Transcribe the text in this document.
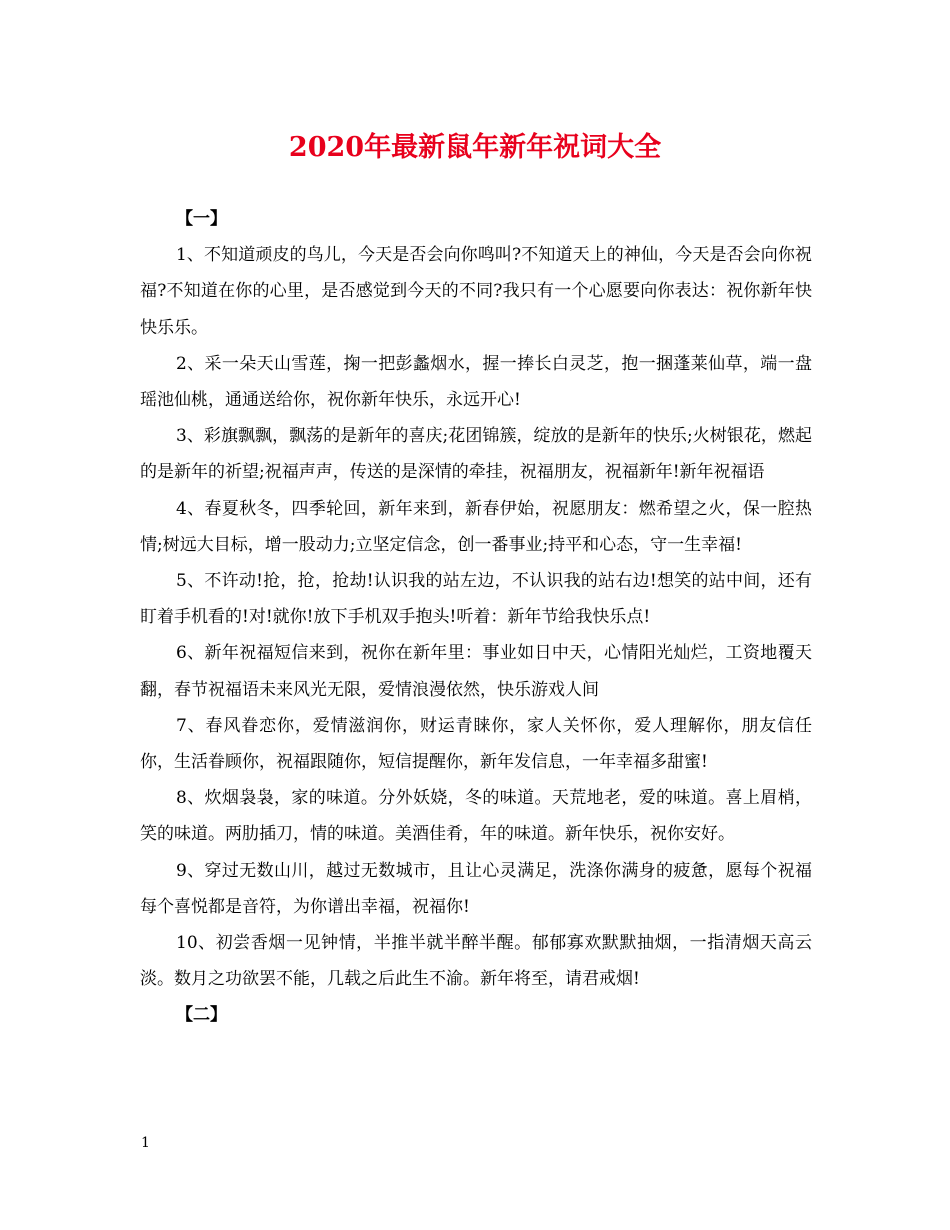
2020年最新鼠年新年祝词大全

【一】

1、不知道顽皮的鸟儿，今天是否会向你鸣叫?不知道天上的神仙，今天是否会向你祝福?不知道在你的心里，是否感觉到今天的不同?我只有一个心愿要向你表达：祝你新年快快乐乐。

2、采一朵天山雪莲，掬一把彭蠡烟水，握一捧长白灵芝，抱一捆蓬莱仙草，端一盘瑶池仙桃，通通送给你，祝你新年快乐，永远开心!

3、彩旗飘飘，飘荡的是新年的喜庆;花团锦簇，绽放的是新年的快乐;火树银花，燃起的是新年的祈望;祝福声声，传送的是深情的牵挂，祝福朋友，祝福新年!新年祝福语

4、春夏秋冬，四季轮回，新年来到，新春伊始，祝愿朋友：燃希望之火，保一腔热情;树远大目标，增一股动力;立坚定信念，创一番事业;持平和心态，守一生幸福!

5、不许动!抢，抢，抢劫!认识我的站左边，不认识我的站右边!想笑的站中间，还有盯着手机看的!对!就你!放下手机双手抱头!听着：新年节给我快乐点!

6、新年祝福短信来到，祝你在新年里：事业如日中天，心情阳光灿烂，工资地覆天翻，春节祝福语未来风光无限，爱情浪漫依然，快乐游戏人间

7、春风眷恋你，爱情滋润你，财运青睐你，家人关怀你，爱人理解你，朋友信任你，生活眷顾你，祝福跟随你，短信提醒你，新年发信息，一年幸福多甜蜜!

8、炊烟袅袅，家的味道。分外妖娆，冬的味道。天荒地老，爱的味道。喜上眉梢，笑的味道。两肋插刀，情的味道。美酒佳肴，年的味道。新年快乐，祝你安好。

9、穿过无数山川，越过无数城市，且让心灵满足，洗涤你满身的疲惫，愿每个祝福每个喜悦都是音符，为你谱出幸福，祝福你!

10、初尝香烟一见钟情，半推半就半醉半醒。郁郁寡欢默默抽烟，一指清烟天高云淡。数月之功欲罢不能，几载之后此生不渝。新年将至，请君戒烟!

【二】

1
